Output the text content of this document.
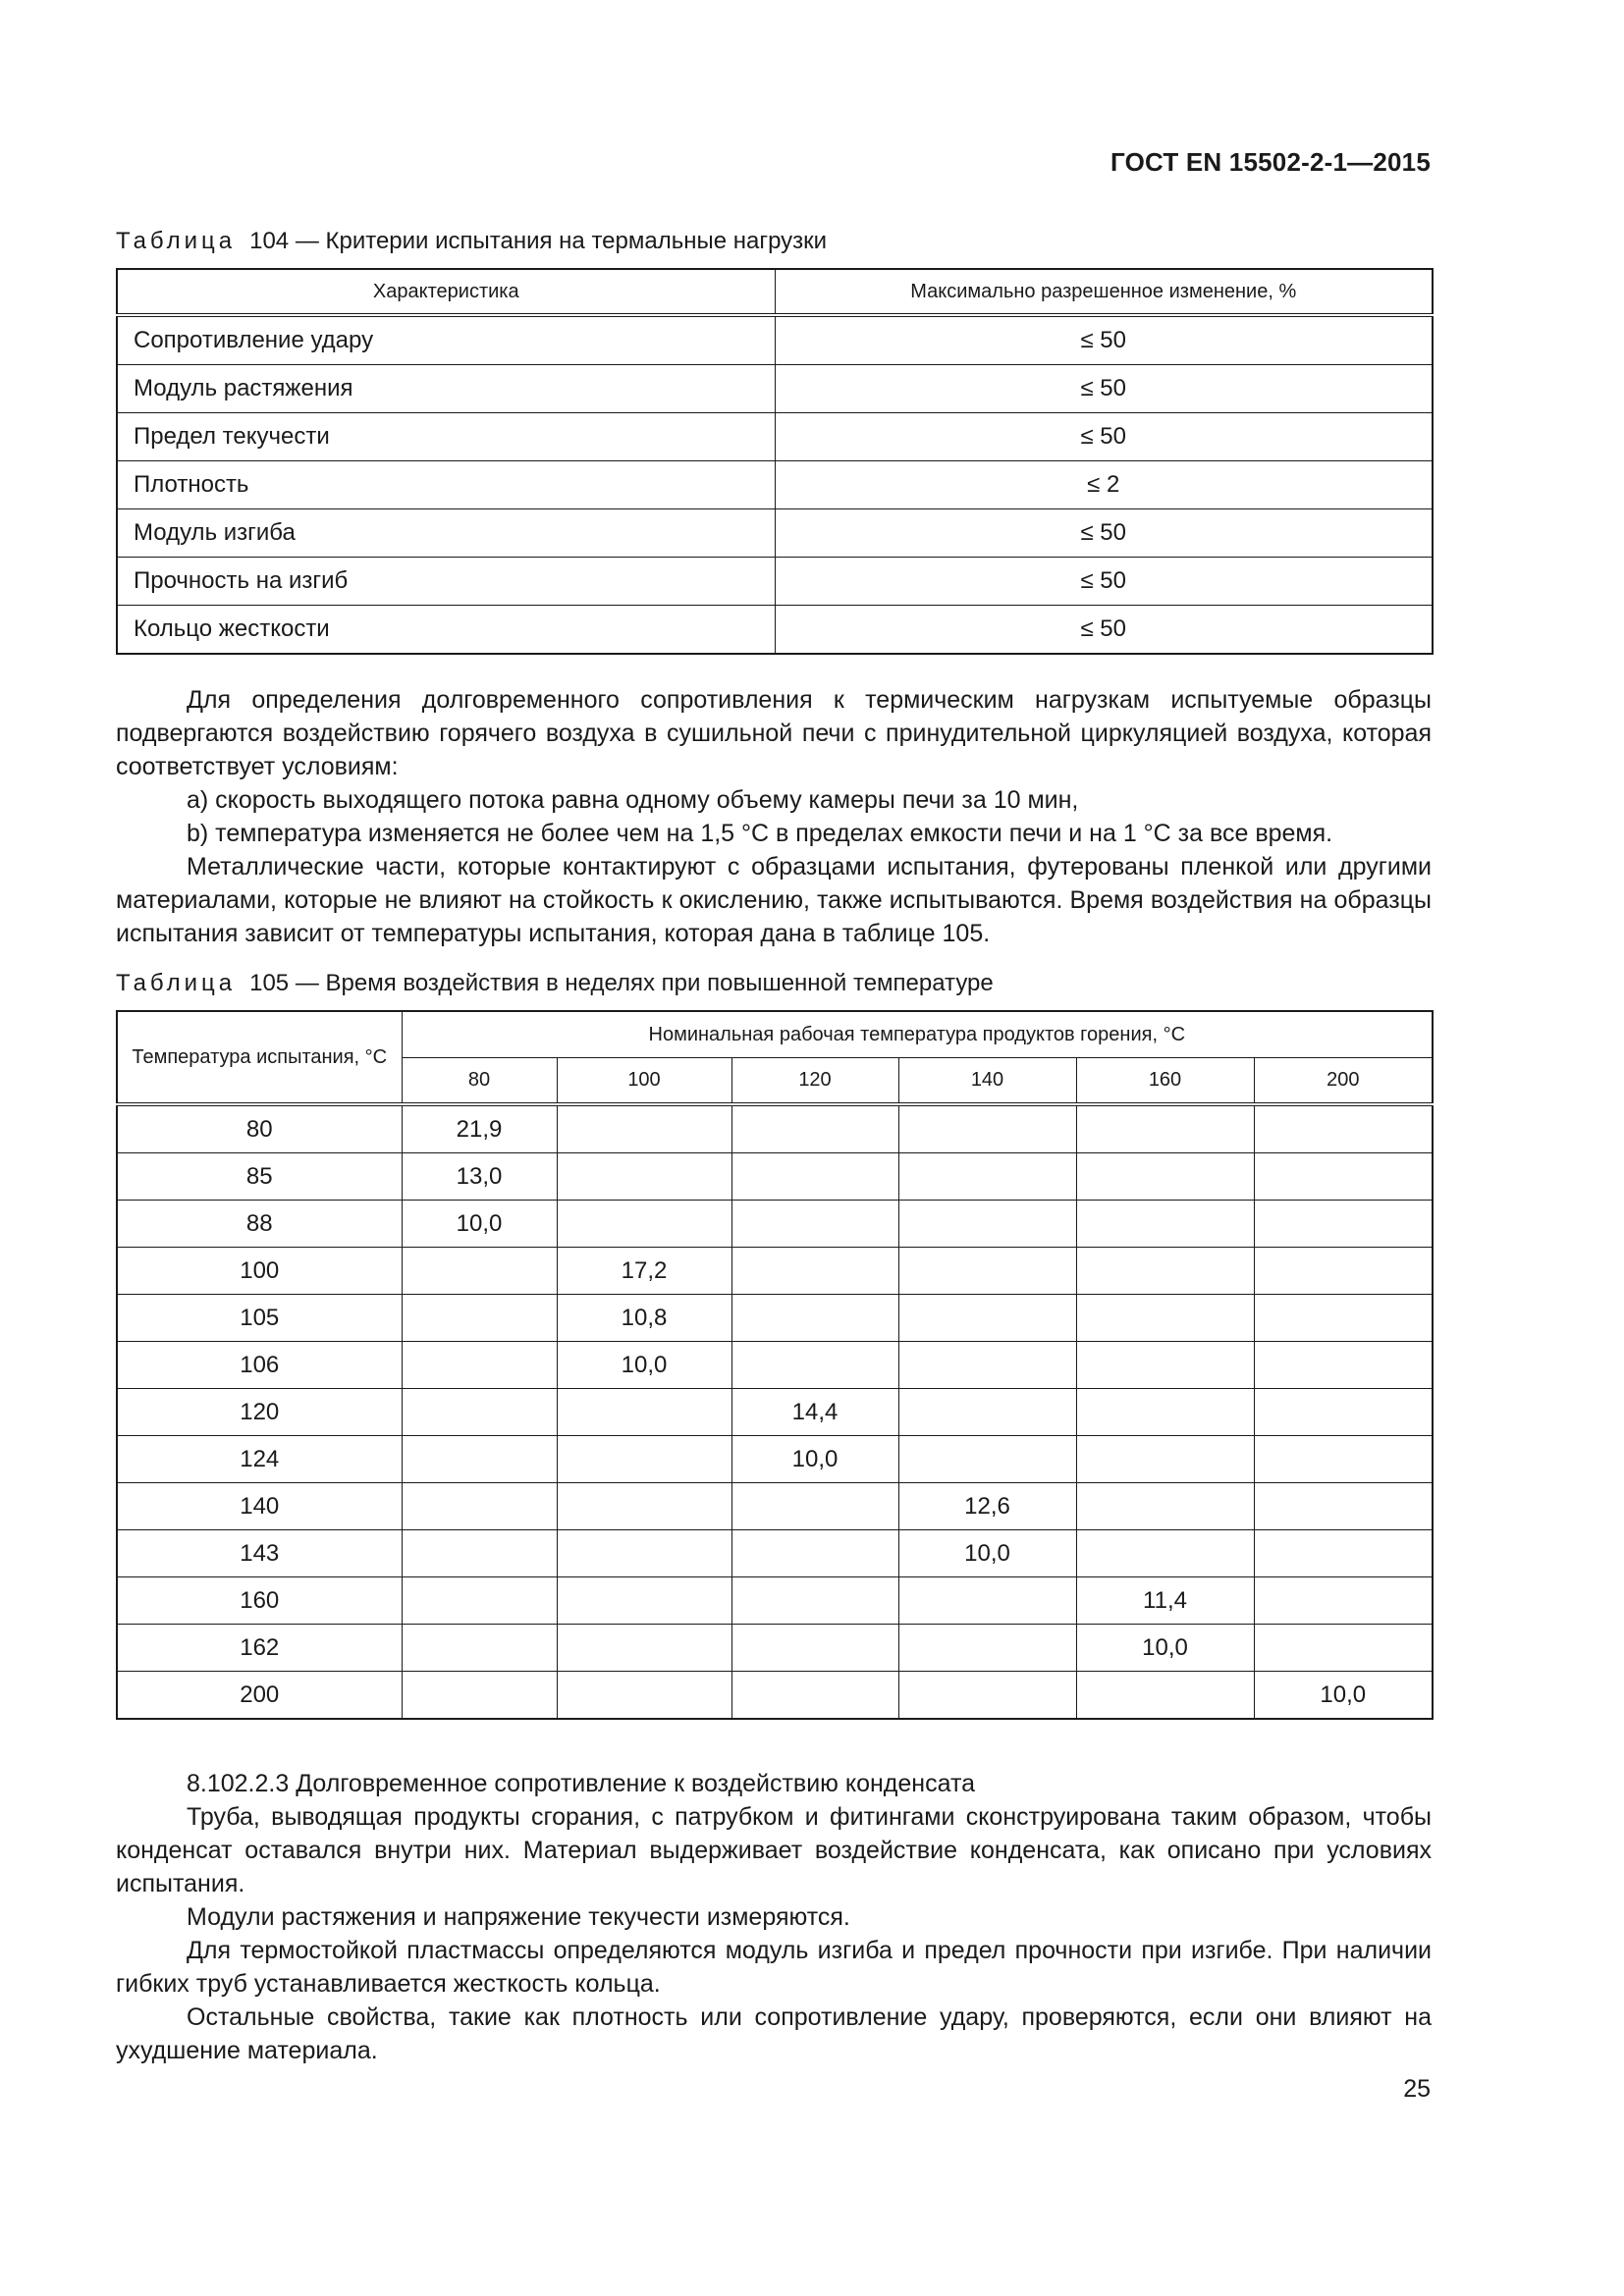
ГОСТ EN 15502-2-1—2015
Таблица 104 — Критерии испытания на термальные нагрузки
Характеристика	Максимально разрешенное изменение, %
Сопротивление удару	≤ 50
Модуль растяжения	≤ 50
Предел текучести	≤ 50
Плотность	≤ 2
Модуль изгиба	≤ 50
Прочность на изгиб	≤ 50
Кольцо жесткости	≤ 50

Для определения долговременного сопротивления к термическим нагрузкам испытуемые образцы подвергаются воздействию горячего воздуха в сушильной печи с принудительной циркуляцией воздуха, которая соответствует условиям:

a) скорость выходящего потока равна одному объему камеры печи за 10 мин,

b) температура изменяется не более чем на 1,5 °С в пределах емкости печи и на 1 °С за все время.

Металлические части, которые контактируют с образцами испытания, футерованы пленкой или другими материалами, которые не влияют на стойкость к окислению, также испытываются. Время воздействия на образцы испытания зависит от температуры испытания, которая дана в таблице 105.

Таблица 105 — Время воздействия в неделях при повышенной температуре
Температура испытания, °С	Номинальная рабочая температура продуктов горения, °С					
	80	100	120	140	160	200
80	21,9					
85	13,0					
88	10,0					
100		17,2				
105		10,8				
106		10,0				
120			14,4			
124			10,0			
140				12,6		
143				10,0		
160					11,4	
162					10,0	
200						10,0

8.102.2.3 Долговременное сопротивление к воздействию конденсата

Труба, выводящая продукты сгорания, с патрубком и фитингами сконструирована таким образом, чтобы конденсат оставался внутри них. Материал выдерживает воздействие конденсата, как описано при условиях испытания.

Модули растяжения и напряжение текучести измеряются.

Для термостойкой пластмассы определяются модуль изгиба и предел прочности при изгибе. При наличии гибких труб устанавливается жесткость кольца.

Остальные свойства, такие как плотность или сопротивление удару, проверяются, если они влияют на ухудшение материала.

25
